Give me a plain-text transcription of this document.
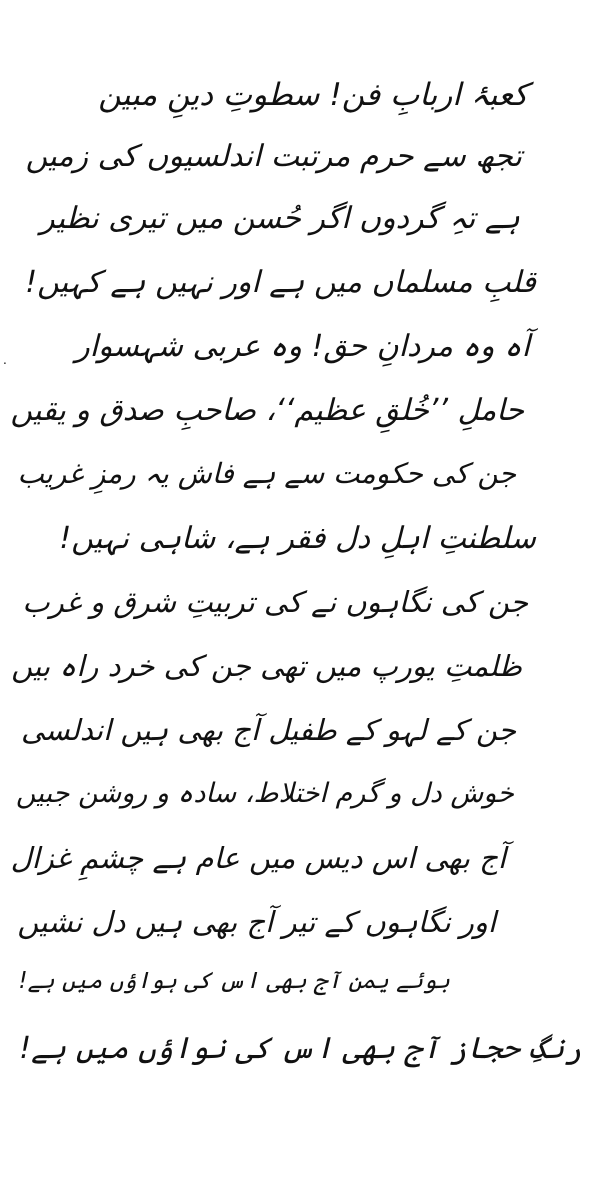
.
کعبۂ اربابِ فن! سطوتِ دینِ مبین
تجھ سے حرم مرتبت اندلسیوں کی زمیں
ہے تہِ گردوں اگر حُسن میں تیری نظیر
قلبِ مسلماں میں ہے اور نہیں ہے کہیں!
آہ وہ مردانِ حق! وہ عربی شہسوار
حاملِ ’’خُلقِ عظیم‘‘، صاحبِ صدق و یقیں
جن کی حکومت سے ہے فاش یہ رمزِ غریب
سلطنتِ اہلِ دل فقر ہے، شاہی نہیں!
جن کی نگاہوں نے کی تربیتِ شرق و غرب
ظلمتِ یورپ میں تھی جن کی خرد راہ بیں
جن کے لہو کے طفیل آج بھی ہیں اندلسی
خوش دل و گرم اختلاط، سادہ و روشن جبیں
آج بھی اس دیس میں عام ہے چشمِ غزال
اور نگاہوں کے تیر آج بھی ہیں دل نشیں
بوئے یمن آج بھی اس کی ہواؤں میں ہے!
رنگِ حجاز آج بھی اس کی نواؤں میں ہے!
